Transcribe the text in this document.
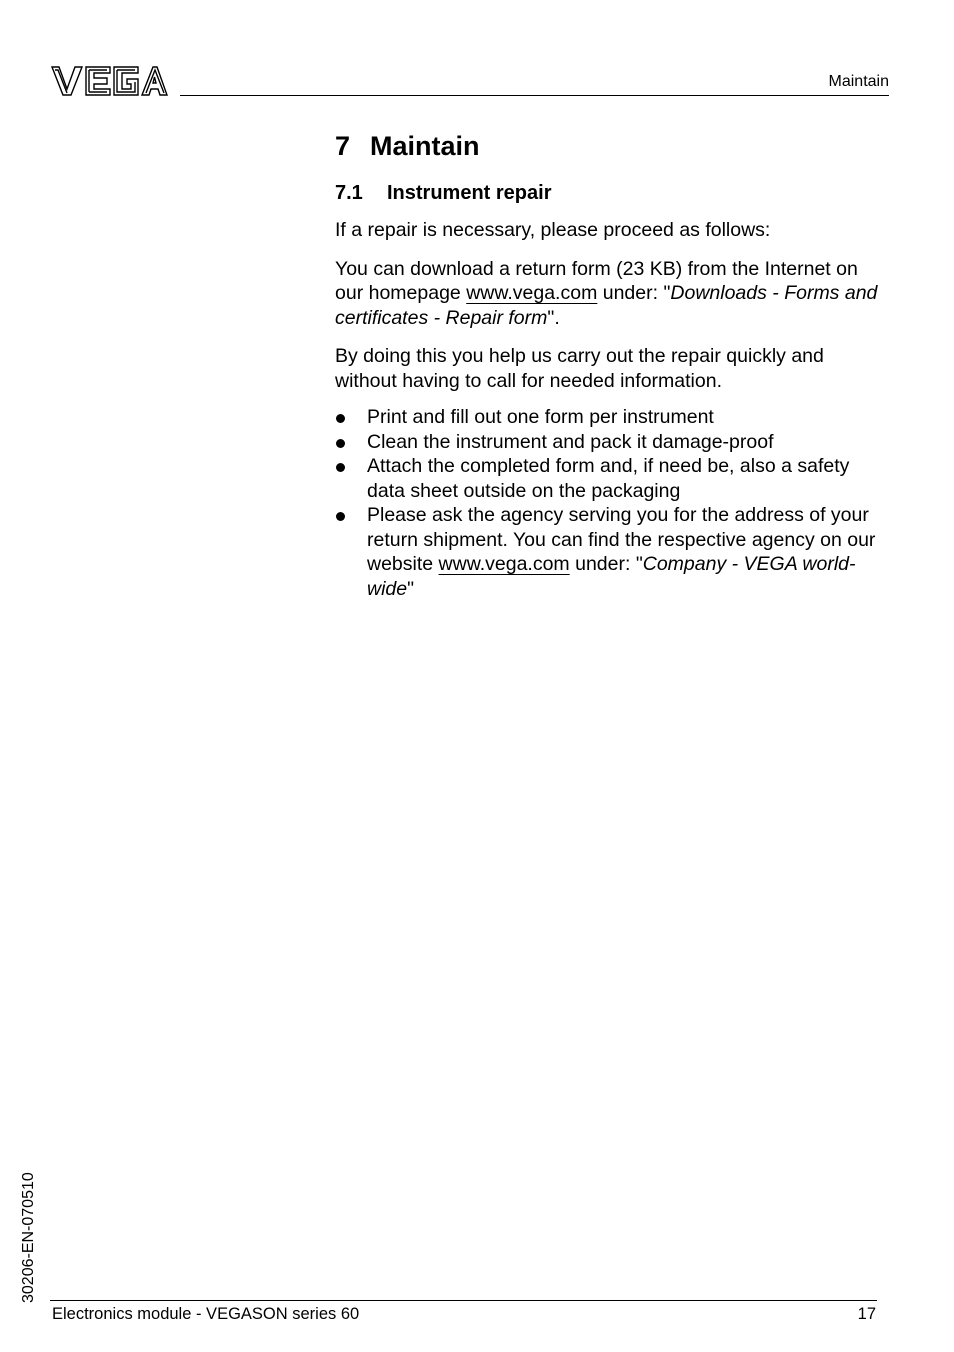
Maintain
7 Maintain
7.1 Instrument repair

If a repair is necessary, please proceed as follows:

You can download a return form (23 KB) from the Internet on our homepage www.vega.com under: "Downloads - Forms and certificates - Repair form".

By doing this you help us carry out the repair quickly and without having to call for needed information.

Print and fill out one form per instrument
Clean the instrument and pack it damage-proof
Attach the completed form and, if need be, also a safety data sheet outside on the packaging
Please ask the agency serving you for the address of your return shipment. You can find the respective agency on our website www.vega.com under: "Company - VEGA world-wide"
30206-EN-070510
Electronics module - VEGASON series 60	17
